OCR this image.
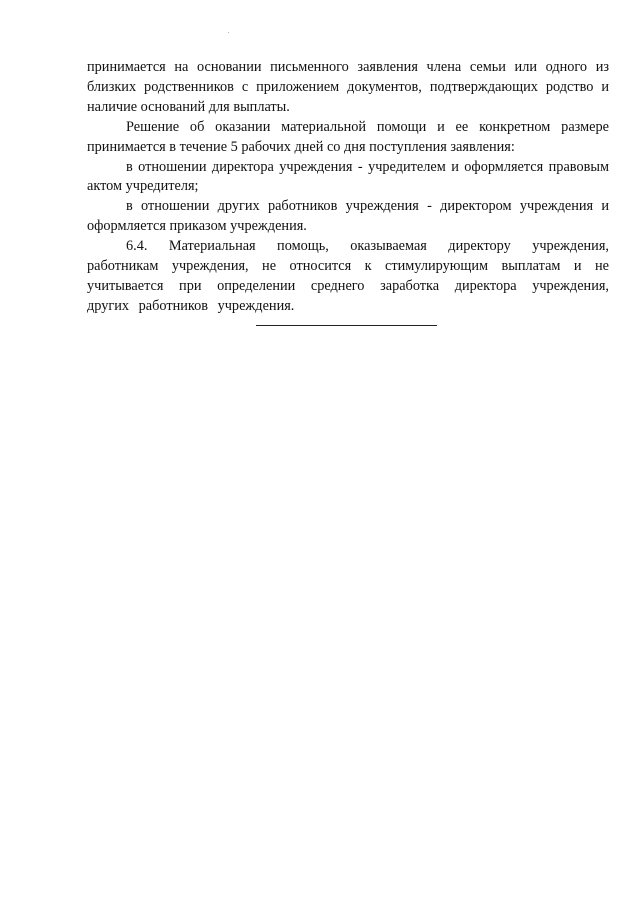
.

принимается на основании письменного заявления члена семьи или одного из близких родственников с приложением документов, подтверждающих родство и наличие оснований для выплаты.

Решение об оказании материальной помощи и ее конкретном размере принимается в течение 5 рабочих дней со дня поступления заявления:

в отношении директора учреждения - учредителем и оформляется правовым актом учредителя;

в отношении других работников учреждения - директором учреждения и оформляется приказом учреждения.

6.4. Материальная помощь, оказываемая директору учреждения, работникам учреждения, не относится к стимулирующим выплатам и не учитывается при определении среднего заработка директора учреждения, других работников учреждения.
